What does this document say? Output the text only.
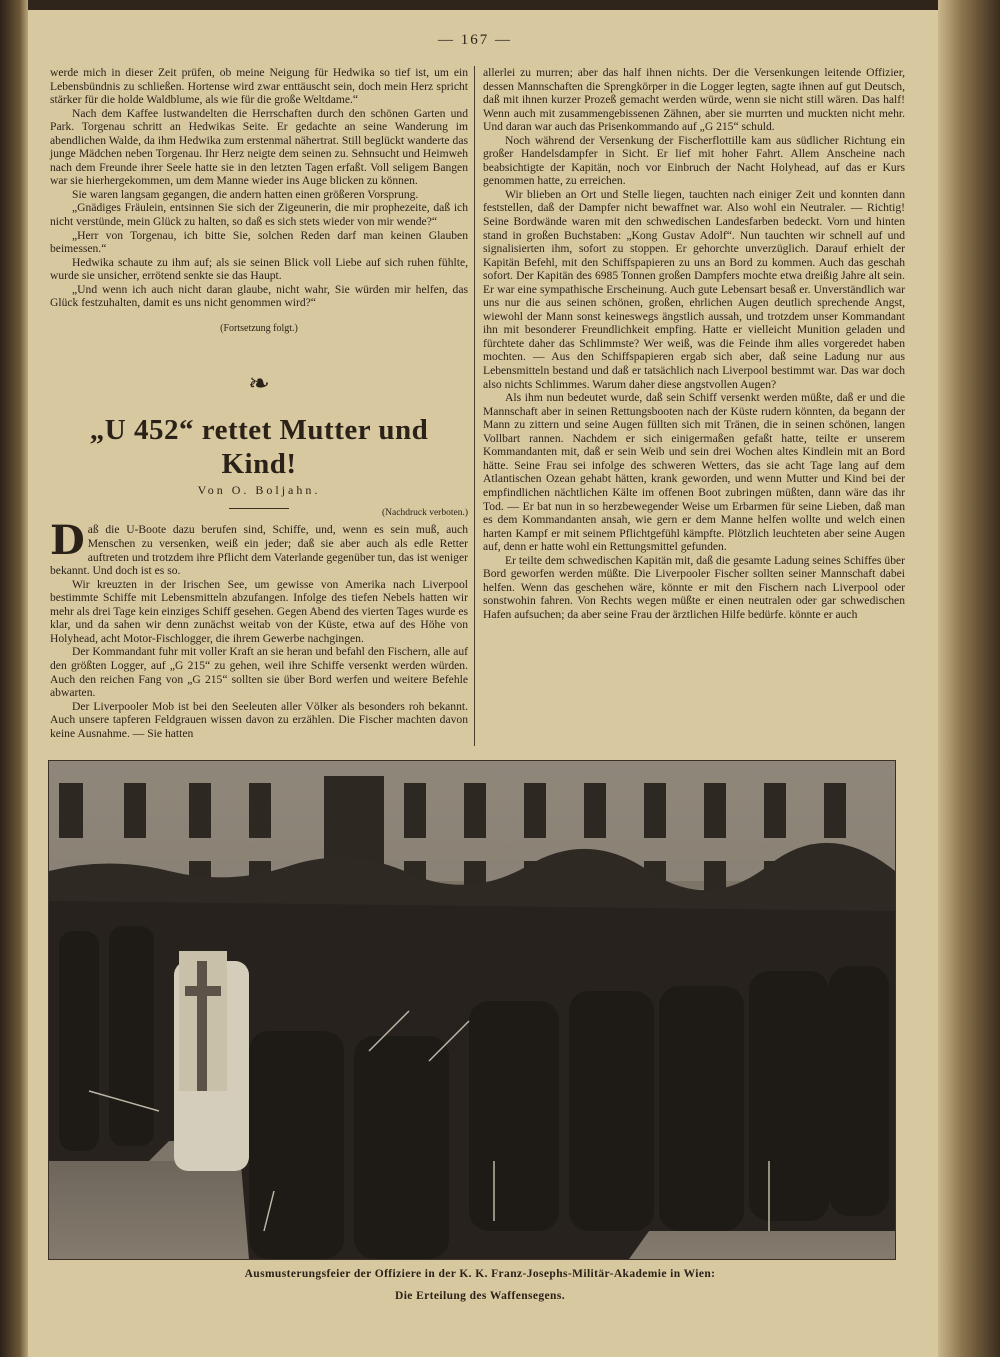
— 167 —

werde mich in dieser Zeit prüfen, ob meine Neigung für Hedwika so tief ist, um ein Lebensbündnis zu schließen. Hortense wird zwar enttäuscht sein, doch mein Herz spricht stärker für die holde Waldblume, als wie für die große Weltdame.“

Nach dem Kaffee lustwandelten die Herrschaften durch den schönen Garten und Park. Torgenau schritt an Hedwikas Seite. Er gedachte an seine Wanderung im abendlichen Walde, da ihm Hedwika zum erstenmal nähertrat. Still beglückt wanderte das junge Mädchen neben Torgenau. Ihr Herz neigte dem seinen zu. Sehnsucht und Heimweh nach dem Freunde ihrer Seele hatte sie in den letzten Tagen erfaßt. Voll seligem Bangen war sie hierhergekommen, um dem Manne wieder ins Auge blicken zu können.

Sie waren langsam gegangen, die andern hatten einen größeren Vorsprung.

„Gnädiges Fräulein, entsinnen Sie sich der Zigeunerin, die mir prophezeite, daß ich nicht verstünde, mein Glück zu halten, so daß es sich stets wieder von mir wende?“

„Herr von Torgenau, ich bitte Sie, solchen Reden darf man keinen Glauben beimessen.“

Hedwika schaute zu ihm auf; als sie seinen Blick voll Liebe auf sich ruhen fühlte, wurde sie unsicher, errötend senkte sie das Haupt.

„Und wenn ich auch nicht daran glaube, nicht wahr, Sie würden mir helfen, das Glück festzuhalten, damit es uns nicht genommen wird?“

(Fortsetzung folgt.)
❧
„U 452“ rettet Mutter und Kind!
Von O. Boljahn.
(Nachdruck verboten.)

Daß die U-Boote dazu berufen sind, Schiffe, und, wenn es sein muß, auch Menschen zu versenken, weiß ein jeder; daß sie aber auch als edle Retter auftreten und trotzdem ihre Pflicht dem Vaterlande gegenüber tun, das ist weniger bekannt. Und doch ist es so.

Wir kreuzten in der Irischen See, um gewisse von Amerika nach Liverpool bestimmte Schiffe mit Lebensmitteln abzufangen. Infolge des tiefen Nebels hatten wir mehr als drei Tage kein einziges Schiff gesehen. Gegen Abend des vierten Tages wurde es klar, und da sahen wir denn zunächst weitab von der Küste, etwa auf des Höhe von Holyhead, acht Motor-Fischlogger, die ihrem Gewerbe nachgingen.

Der Kommandant fuhr mit voller Kraft an sie heran und befahl den Fischern, alle auf den größten Logger, auf „G 215“ zu gehen, weil ihre Schiffe versenkt werden würden. Auch den reichen Fang von „G 215“ sollten sie über Bord werfen und weitere Befehle abwarten.

Der Liverpooler Mob ist bei den Seeleuten aller Völker als besonders roh bekannt. Auch unsere tapferen Feldgrauen wissen davon zu erzählen. Die Fischer machten davon keine Ausnahme. — Sie hatten

allerlei zu murren; aber das half ihnen nichts. Der die Versenkungen leitende Offizier, dessen Mannschaften die Sprengkörper in die Logger legten, sagte ihnen auf gut Deutsch, daß mit ihnen kurzer Prozeß gemacht werden würde, wenn sie nicht still wären. Das half! Wenn auch mit zusammengebissenen Zähnen, aber sie murrten und muckten nicht mehr. Und daran war auch das Prisenkommando auf „G 215“ schuld.

Noch während der Versenkung der Fischerflottille kam aus südlicher Richtung ein großer Handelsdampfer in Sicht. Er lief mit hoher Fahrt. Allem Anscheine nach beabsichtigte der Kapitän, noch vor Einbruch der Nacht Holyhead, auf das er Kurs genommen hatte, zu erreichen.

Wir blieben an Ort und Stelle liegen, tauchten nach einiger Zeit und konnten dann feststellen, daß der Dampfer nicht bewaffnet war. Also wohl ein Neutraler. — Richtig! Seine Bordwände waren mit den schwedischen Landesfarben bedeckt. Vorn und hinten stand in großen Buchstaben: „Kong Gustav Adolf“. Nun tauchten wir schnell auf und signalisierten ihm, sofort zu stoppen. Er gehorchte unverzüglich. Darauf erhielt der Kapitän Befehl, mit den Schiffspapieren zu uns an Bord zu kommen. Auch das geschah sofort. Der Kapitän des 6985 Tonnen großen Dampfers mochte etwa dreißig Jahre alt sein. Er war eine sympathische Erscheinung. Auch gute Lebensart besaß er. Unverständlich war uns nur die aus seinen schönen, großen, ehrlichen Augen deutlich sprechende Angst, wiewohl der Mann sonst keineswegs ängstlich aussah, und trotzdem unser Kommandant ihn mit besonderer Freundlichkeit empfing. Hatte er vielleicht Munition geladen und fürchtete daher das Schlimmste? Wer weiß, was die Feinde ihm alles vorgeredet haben mochten. — Aus den Schiffspapieren ergab sich aber, daß seine Ladung nur aus Lebensmitteln bestand und daß er tatsächlich nach Liverpool bestimmt war. Das war doch also nichts Schlimmes. Warum daher diese angstvollen Augen?

Als ihm nun bedeutet wurde, daß sein Schiff versenkt werden müßte, daß er und die Mannschaft aber in seinen Rettungsbooten nach der Küste rudern könnten, da begann der Mann zu zittern und seine Augen füllten sich mit Tränen, die in seinen schönen, langen Vollbart rannen. Nachdem er sich einigermaßen gefaßt hatte, teilte er unserem Kommandanten mit, daß er sein Weib und sein drei Wochen altes Kindlein mit an Bord hätte. Seine Frau sei infolge des schweren Wetters, das sie acht Tage lang auf dem Atlantischen Ozean gehabt hätten, krank geworden, und wenn Mutter und Kind bei der empfindlichen nächtlichen Kälte im offenen Boot zubringen müßten, dann wäre das ihr Tod. — Er bat nun in so herzbewegender Weise um Erbarmen für seine Lieben, daß man es dem Kommandanten ansah, wie gern er dem Manne helfen wollte und welch einen harten Kampf er mit seinem Pflichtgefühl kämpfte. Plötzlich leuchteten aber seine Augen auf, denn er hatte wohl ein Rettungsmittel gefunden.

Er teilte dem schwedischen Kapitän mit, daß die gesamte Ladung seines Schiffes über Bord geworfen werden müßte. Die Liverpooler Fischer sollten seiner Mannschaft dabei helfen. Wenn das geschehen wäre, könnte er mit den Fischern nach Liverpool oder sonstwohin fahren. Von Rechts wegen müßte er einen neutralen oder gar schwedischen Hafen aufsuchen; da aber seine Frau der ärztlichen Hilfe bedürfe. könnte er auch

Ausmusterungsfeier der Offiziere in der K. K. Franz-Josephs-Militär-Akademie in Wien:
Die Erteilung des Waffensegens.
